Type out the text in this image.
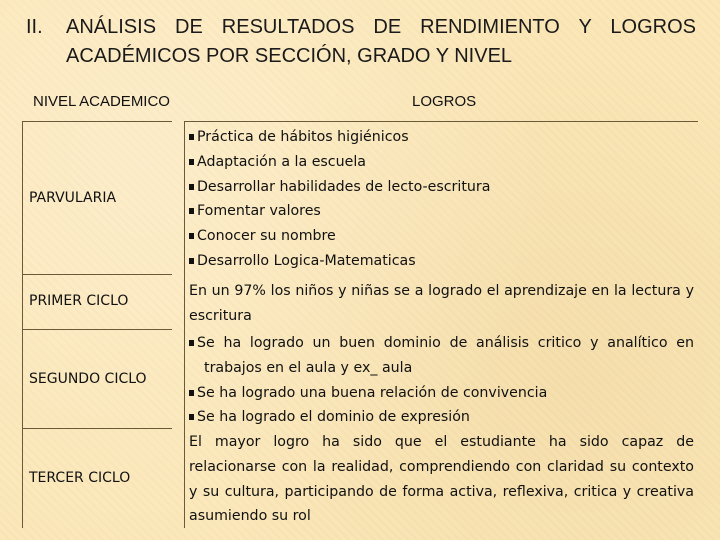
II. ANÁLISIS DE RESULTADOS DE RENDIMIENTO Y LOGROS
ACADÉMICOS POR SECCIÓN, GRADO Y NIVEL
NIVEL ACADEMICO	LOGROS
PARVULARIA
PRIMER CICLO
SEGUNDO CICLO
TERCER CICLO
Práctica de hábitos higiénicos
Adaptación a la escuela
Desarrollar habilidades de lecto-escritura
Fomentar valores
Conocer su nombre
Desarrollo Logica-Matematicas
En un 97% los niños y niñas se a logrado el aprendizaje en la lectura y
escritura
Se ha logrado un buen dominio de análisis critico y analítico en
trabajos en el aula y ex_ aula
Se ha logrado una buena relación de convivencia
Se ha logrado el dominio de expresión
El mayor logro ha sido que el estudiante ha sido capaz de
relacionarse con la realidad, comprendiendo con claridad su contexto
y su cultura, participando de forma activa, reflexiva, critica y creativa
asumiendo su rol
